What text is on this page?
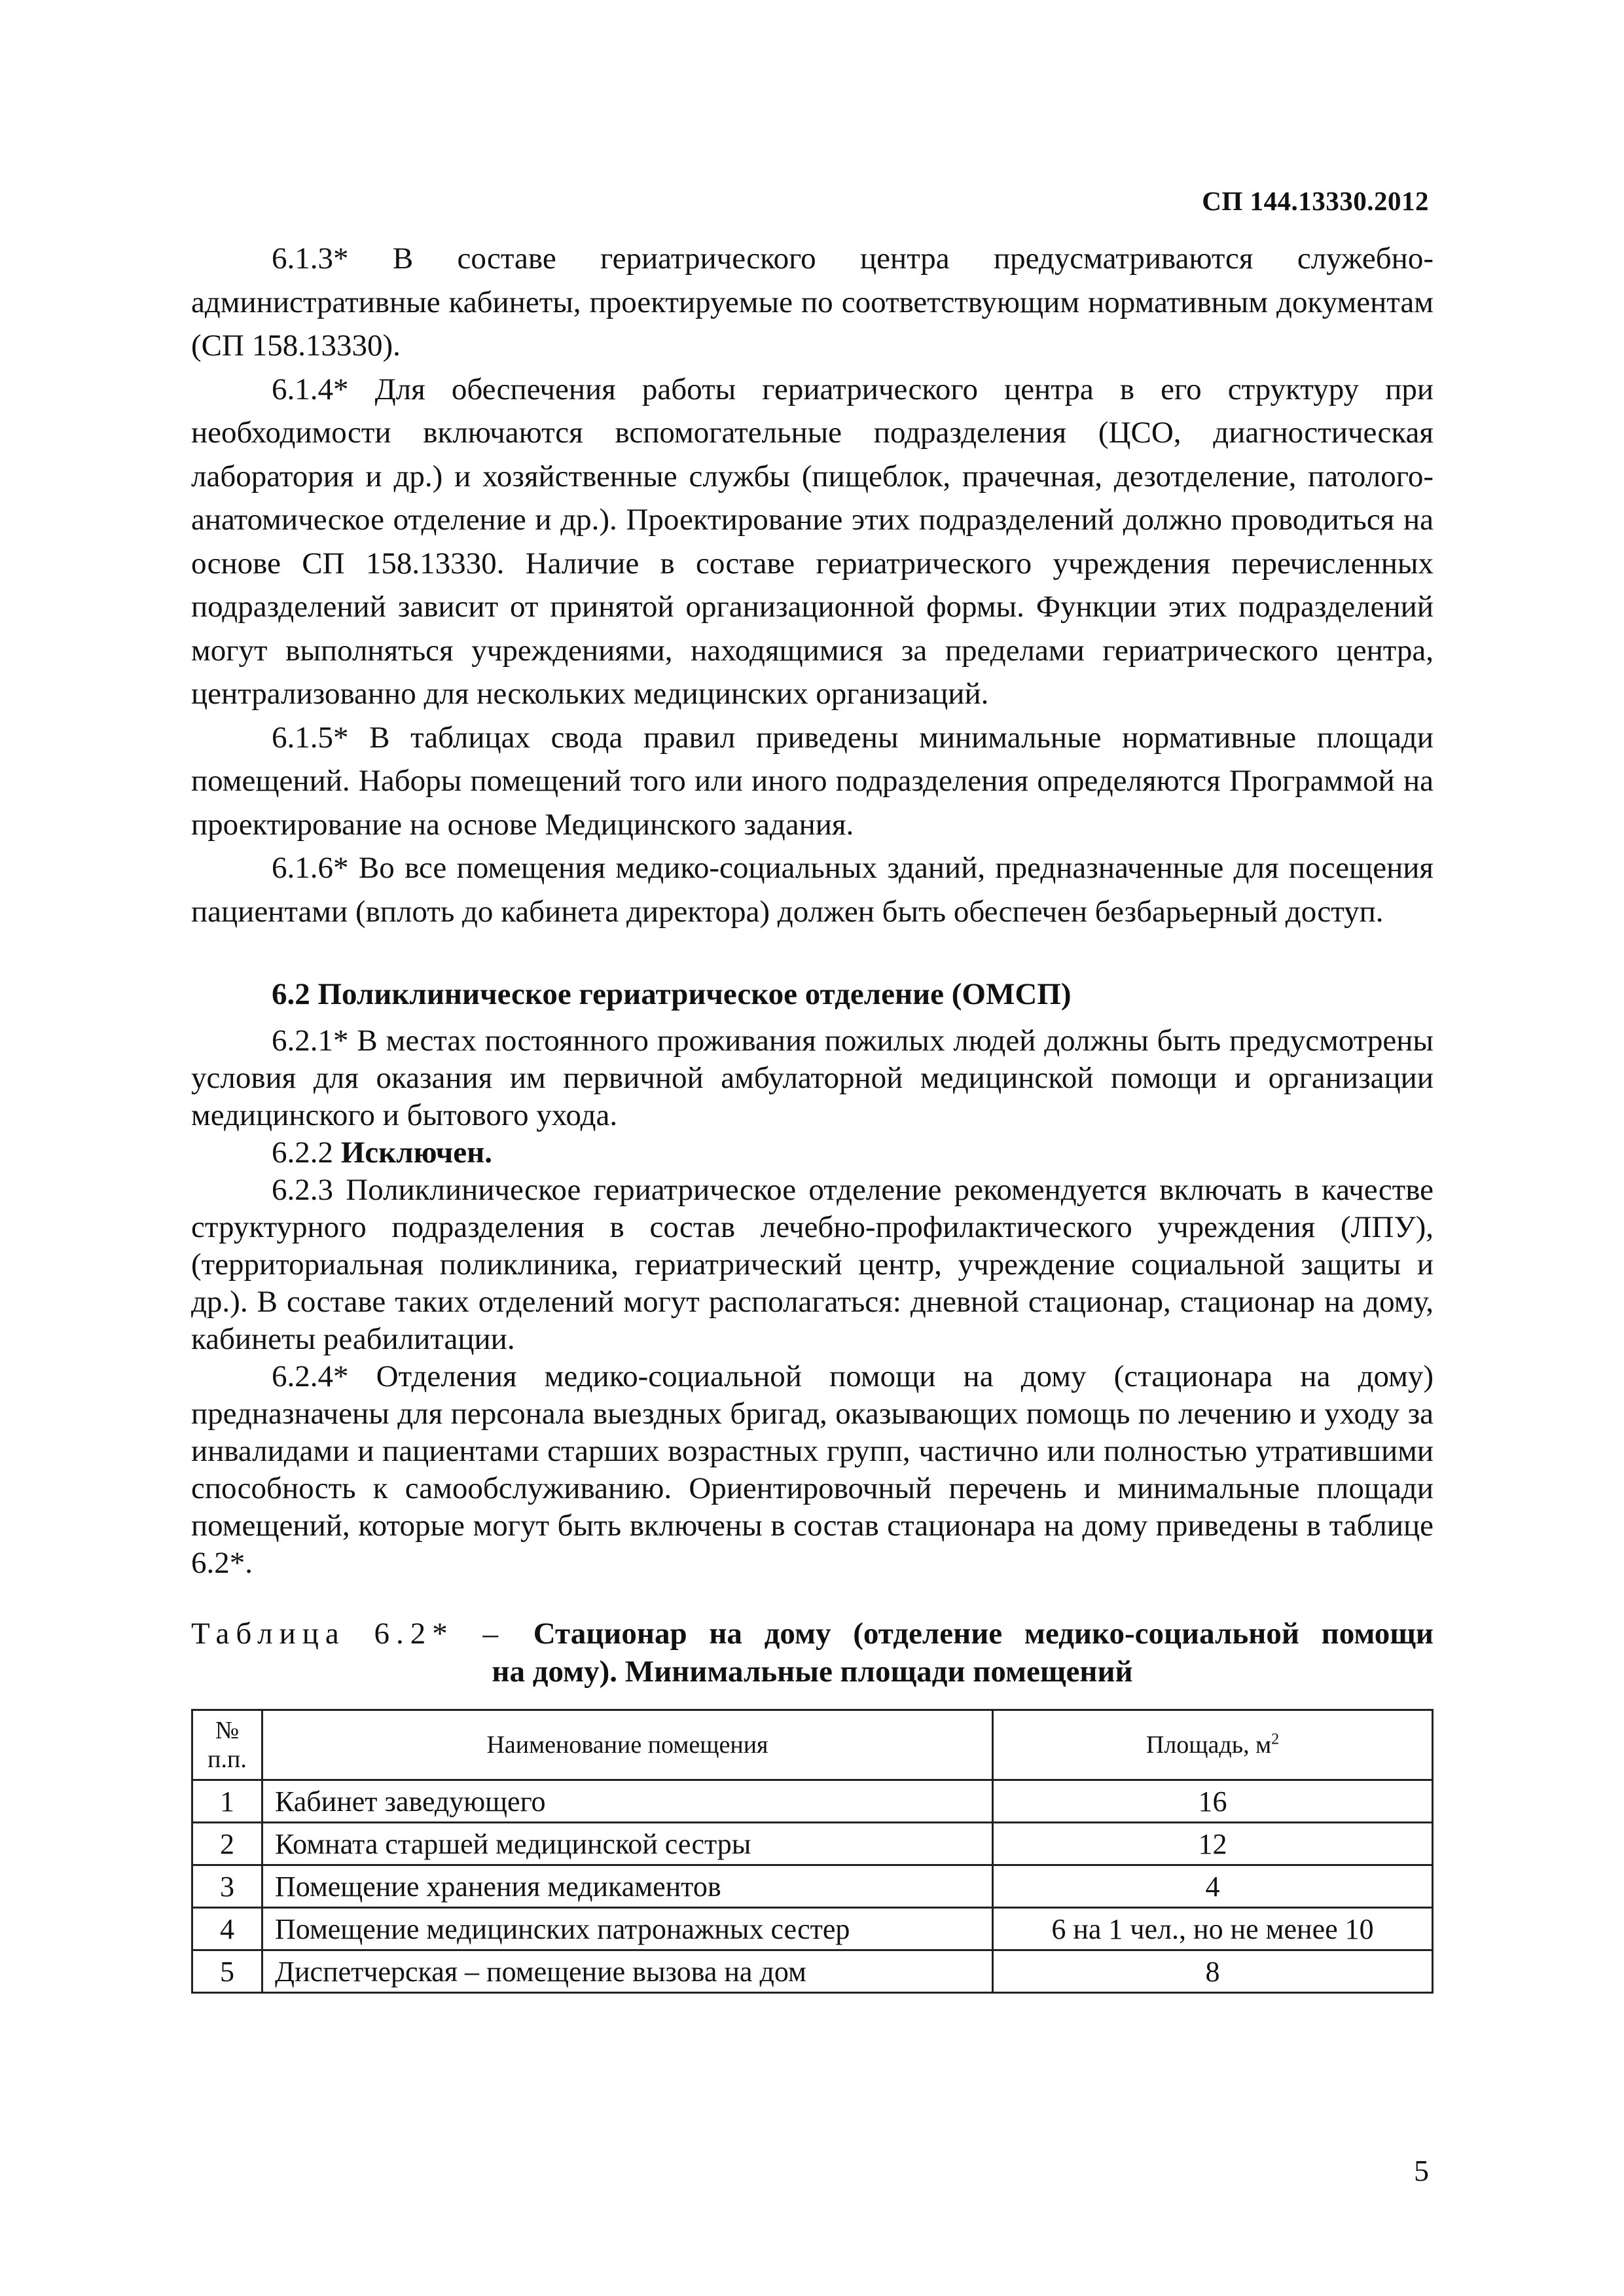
СП 144.13330.2012

6.1.3* В составе гериатрического центра предусматриваются служебно-административные кабинеты, проектируемые по соответствующим нормативным документам (СП 158.13330).

6.1.4* Для обеспечения работы гериатрического центра в его структуру при необходимости включаются вспомогательные подразделения (ЦСО, диагностическая лаборатория и др.) и хозяйственные службы (пищеблок, прачечная, дезотделение, патолого-анатомическое отделение и др.). Проектирование этих подразделений должно проводиться на основе СП 158.13330. Наличие в составе гериатрического учреждения перечисленных подразделений зависит от принятой организационной формы. Функции этих подразделений могут выполняться учреждениями, находящимися за пределами гериатрического центра, централизованно для нескольких медицинских организаций.

6.1.5* В таблицах свода правил приведены минимальные нормативные площади помещений. Наборы помещений того или иного подразделения определяются Программой на проектирование на основе Медицинского задания.

6.1.6* Во все помещения медико-социальных зданий, предназначенные для посещения пациентами (вплоть до кабинета директора) должен быть обеспечен безбарьерный доступ.

6.2 Поликлиническое гериатрическое отделение (ОМСП)

6.2.1* В местах постоянного проживания пожилых людей должны быть предусмотрены условия для оказания им первичной амбулаторной медицинской помощи и организации медицинского и бытового ухода.

6.2.2 Исключен.

6.2.3 Поликлиническое гериатрическое отделение рекомендуется включать в качестве структурного подразделения в состав лечебно-профилактического учреждения (ЛПУ), (территориальная поликлиника, гериатрический центр, учреждение социальной защиты и др.). В составе таких отделений могут располагаться: дневной стационар, стационар на дому, кабинеты реабилитации.

6.2.4* Отделения медико-социальной помощи на дому (стационара на дому) предназначены для персонала выездных бригад, оказывающих помощь по лечению и уходу за инвалидами и пациентами старших возрастных групп, частично или полностью утратившими способность к самообслуживанию. Ориентировочный перечень и минимальные площади помещений, которые могут быть включены в состав стационара на дому приведены в таблице 6.2*.

Таблица 6.2* – Стационар на дому (отделение медико-социальной помощи
на дому). Минимальные площади помещений
№
п.п.	Наименование помещения	Площадь, $м^2$
1	Кабинет заведующего	16
2	Комната старшей медицинской сестры	12
3	Помещение хранения медикаментов	4
4	Помещение медицинских патронажных сестер	6 на 1 чел., но не менее 10
5	Диспетчерская – помещение вызова на дом	8
5
